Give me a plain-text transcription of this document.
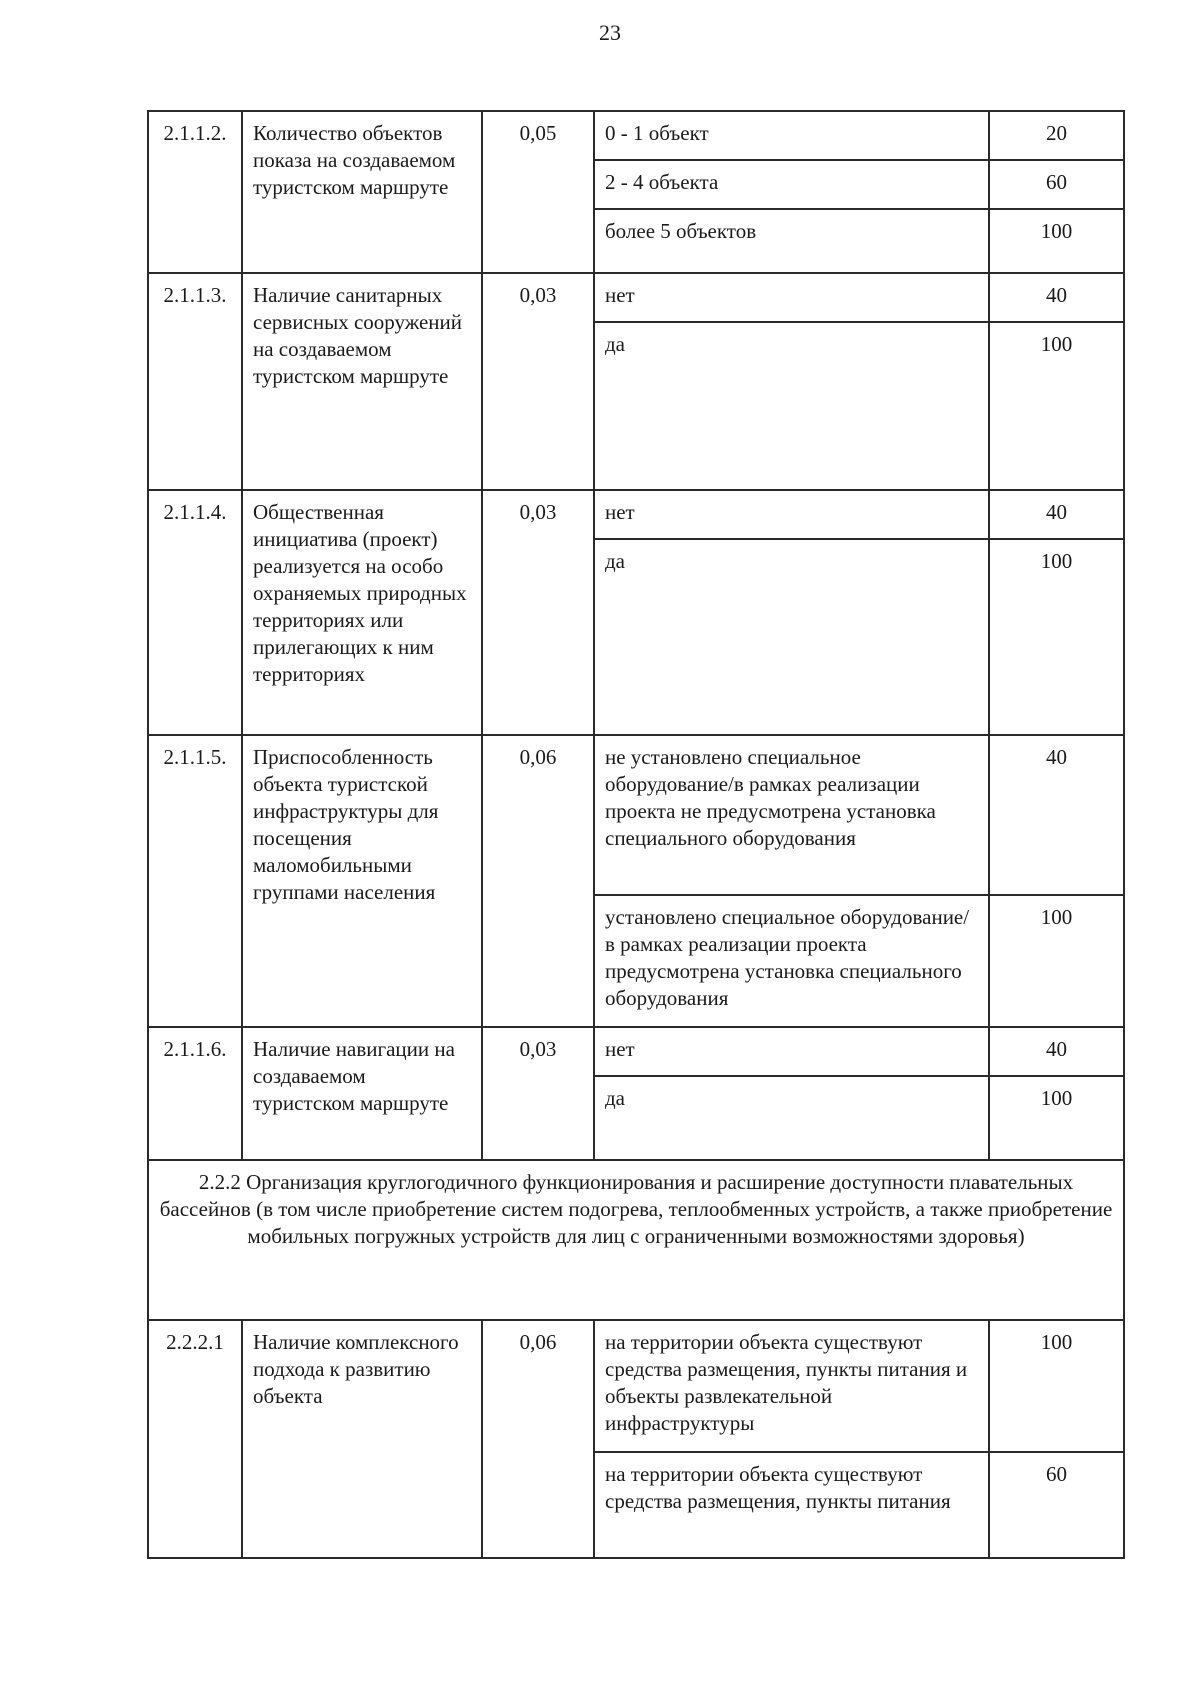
23
2.1.1.2.	Количество объектов показа на создаваемом туристском маршруте	0,05	0 - 1 объект	20
			2 - 4 объекта	60
			более 5 объектов	100
2.1.1.3.	Наличие санитарных сервисных сооружений на создаваемом туристском маршруте	0,03	нет	40
			да	100
2.1.1.4.	Общественная инициатива (проект) реализуется на особо охраняемых природных территориях или прилегающих к ним территориях	0,03	нет	40
			да	100
2.1.1.5.	Приспособленность объекта туристской инфраструктуры для посещения маломобильными группами населения	0,06	не установлено специальное оборудование/в рамках реализации проекта не предусмотрена установка специального оборудования	40
			установлено специальное оборудование/в рамках реализации проекта предусмотрена установка специального оборудования	100
2.1.1.6.	Наличие навигации на создаваемом туристском маршруте	0,03	нет	40
			да	100
2.2.2 Организация круглогодичного функционирования и расширение доступности плавательных бассейнов (в том числе приобретение систем подогрева, теплообменных устройств, а также приобретение мобильных погружных устройств для лиц с ограниченными возможностями здоровья)				
2.2.2.1	Наличие комплексного подхода к развитию объекта	0,06	на территории объекта существуют средства размещения, пункты питания и объекты развлекательной инфраструктуры	100
			на территории объекта существуют средства размещения, пункты питания	60
